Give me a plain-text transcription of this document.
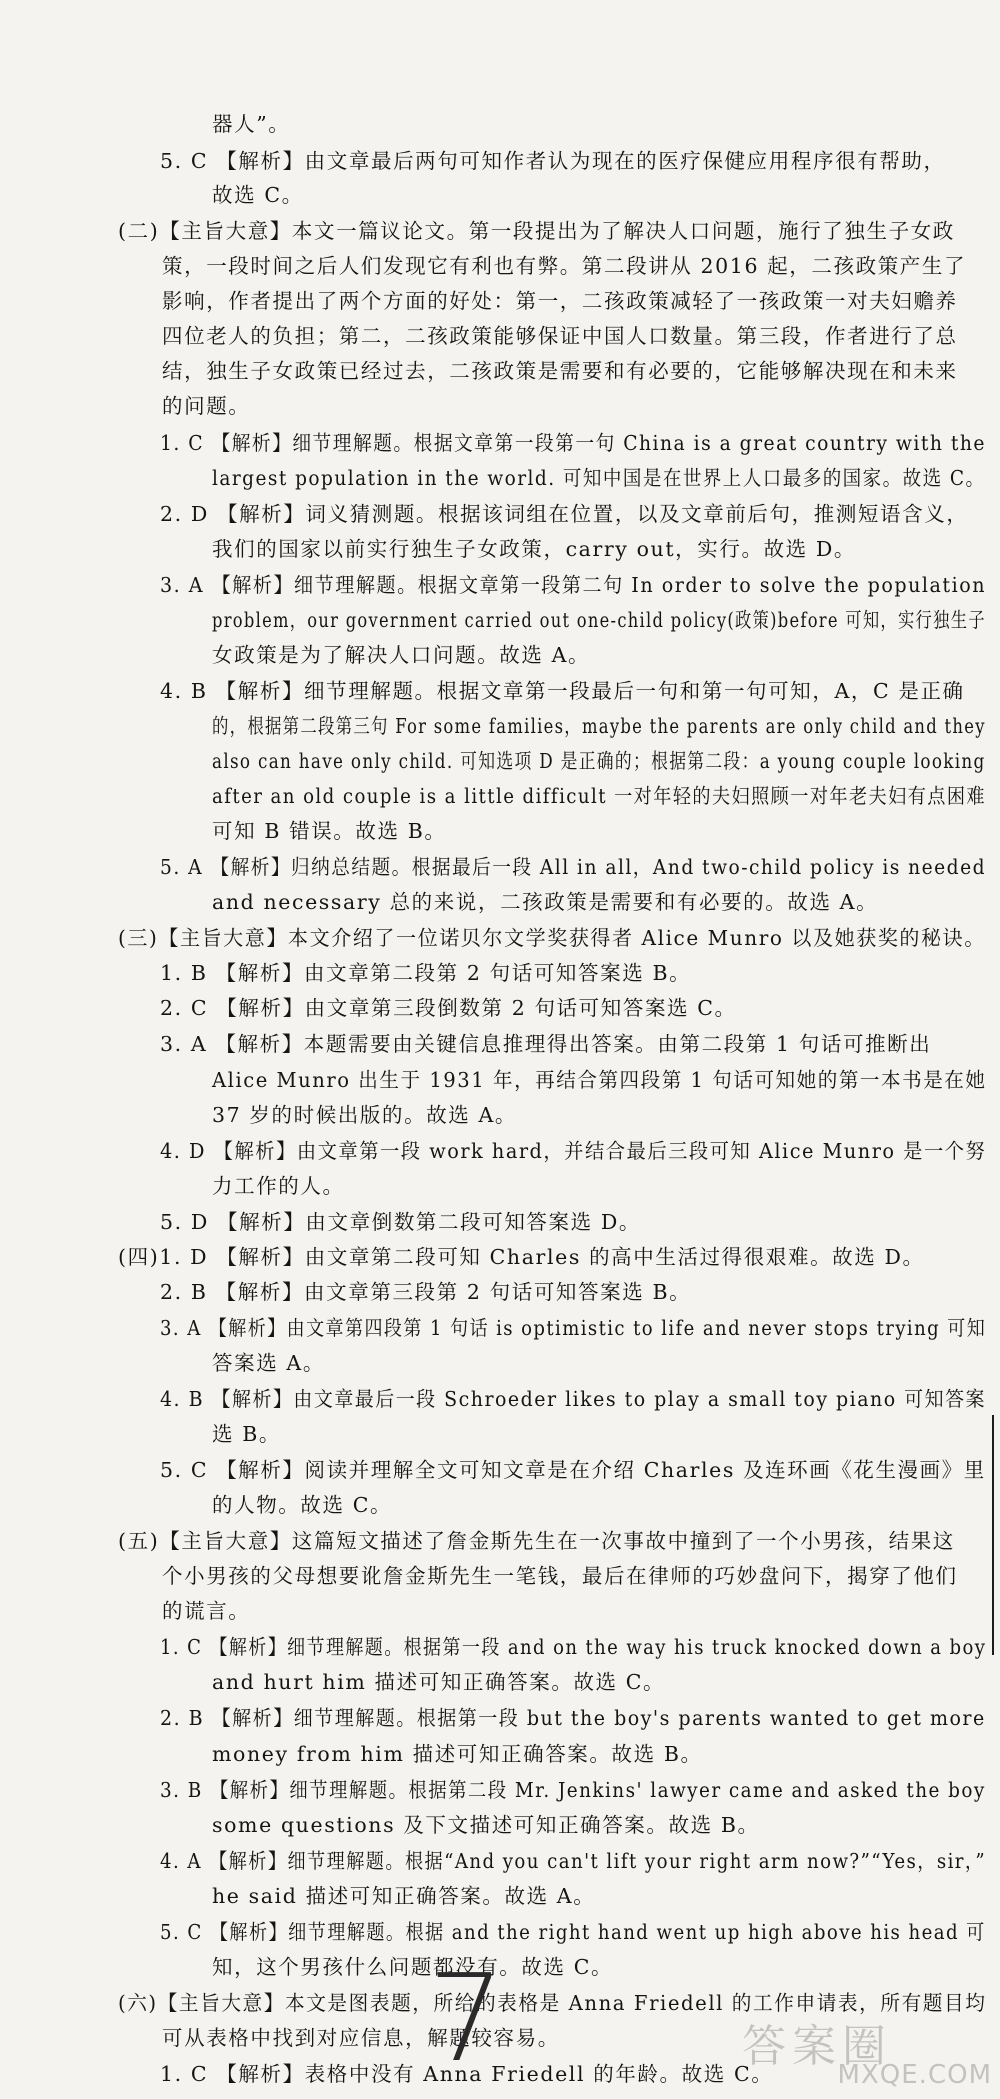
器人”。
5. C 【解析】由文章最后两句可知作者认为现在的医疗保健应用程序很有帮助，
故选 C。
(二)【主旨大意】本文一篇议论文。第一段提出为了解决人口问题，施行了独生子女政
策，一段时间之后人们发现它有利也有弊。第二段讲从 2016 起，二孩政策产生了
影响，作者提出了两个方面的好处：第一，二孩政策减轻了一孩政策一对夫妇赡养
四位老人的负担；第二，二孩政策能够保证中国人口数量。第三段，作者进行了总
结，独生子女政策已经过去，二孩政策是需要和有必要的，它能够解决现在和未来
的问题。
1. C 【解析】细节理解题。根据文章第一段第一句 China is a great country with the
largest population in the world. 可知中国是在世界上人口最多的国家。故选 C。
2. D 【解析】词义猜测题。根据该词组在位置，以及文章前后句，推测短语含义，
我们的国家以前实行独生子女政策，carry out，实行。故选 D。
3. A 【解析】细节理解题。根据文章第一段第二句 In order to solve the population
problem，our government carried out one-child policy(政策)before 可知，实行独生子
女政策是为了解决人口问题。故选 A。
4. B 【解析】细节理解题。根据文章第一段最后一句和第一句可知，A，C 是正确
的，根据第二段第三句 For some families，maybe the parents are only child and they
also can have only child. 可知选项 D 是正确的；根据第二段：a young couple looking
after an old couple is a little difficult 一对年轻的夫妇照顾一对年老夫妇有点困难
可知 B 错误。故选 B。
5. A 【解析】归纳总结题。根据最后一段 All in all，And two-child policy is needed
and necessary 总的来说，二孩政策是需要和有必要的。故选 A。
(三)【主旨大意】本文介绍了一位诺贝尔文学奖获得者 Alice Munro 以及她获奖的秘诀。
1. B 【解析】由文章第二段第 2 句话可知答案选 B。
2. C 【解析】由文章第三段倒数第 2 句话可知答案选 C。
3. A 【解析】本题需要由关键信息推理得出答案。由第二段第 1 句话可推断出
Alice Munro 出生于 1931 年，再结合第四段第 1 句话可知她的第一本书是在她
37 岁的时候出版的。故选 A。
4. D 【解析】由文章第一段 work hard，并结合最后三段可知 Alice Munro 是一个努
力工作的人。
5. D 【解析】由文章倒数第二段可知答案选 D。
(四)1. D 【解析】由文章第二段可知 Charles 的高中生活过得很艰难。故选 D。
2. B 【解析】由文章第三段第 2 句话可知答案选 B。
3. A 【解析】由文章第四段第 1 句话 is optimistic to life and never stops trying 可知
答案选 A。
4. B 【解析】由文章最后一段 Schroeder likes to play a small toy piano 可知答案
选 B。
5. C 【解析】阅读并理解全文可知文章是在介绍 Charles 及连环画《花生漫画》里
的人物。故选 C。
(五)【主旨大意】这篇短文描述了詹金斯先生在一次事故中撞到了一个小男孩，结果这
个小男孩的父母想要讹詹金斯先生一笔钱，最后在律师的巧妙盘问下，揭穿了他们
的谎言。
1. C 【解析】细节理解题。根据第一段 and on the way his truck knocked down a boy
and hurt him 描述可知正确答案。故选 C。
2. B 【解析】细节理解题。根据第一段 but the boy's parents wanted to get more
money from him 描述可知正确答案。故选 B。
3. B 【解析】细节理解题。根据第二段 Mr. Jenkins' lawyer came and asked the boy
some questions 及下文描述可知正确答案。故选 B。
4. A 【解析】细节理解题。根据“And you can't lift your right arm now?”“Yes，sir，”
he said 描述可知正确答案。故选 A。
5. C 【解析】细节理解题。根据 and the right hand went up high above his head 可
知，这个男孩什么问题都没有。故选 C。
(六)【主旨大意】本文是图表题，所给的表格是 Anna Friedell 的工作申请表，所有题目均
可从表格中找到对应信息，解题较容易。
1. C 【解析】表格中没有 Anna Friedell 的年龄。故选 C。
7	答案圈
MXQE.COM
